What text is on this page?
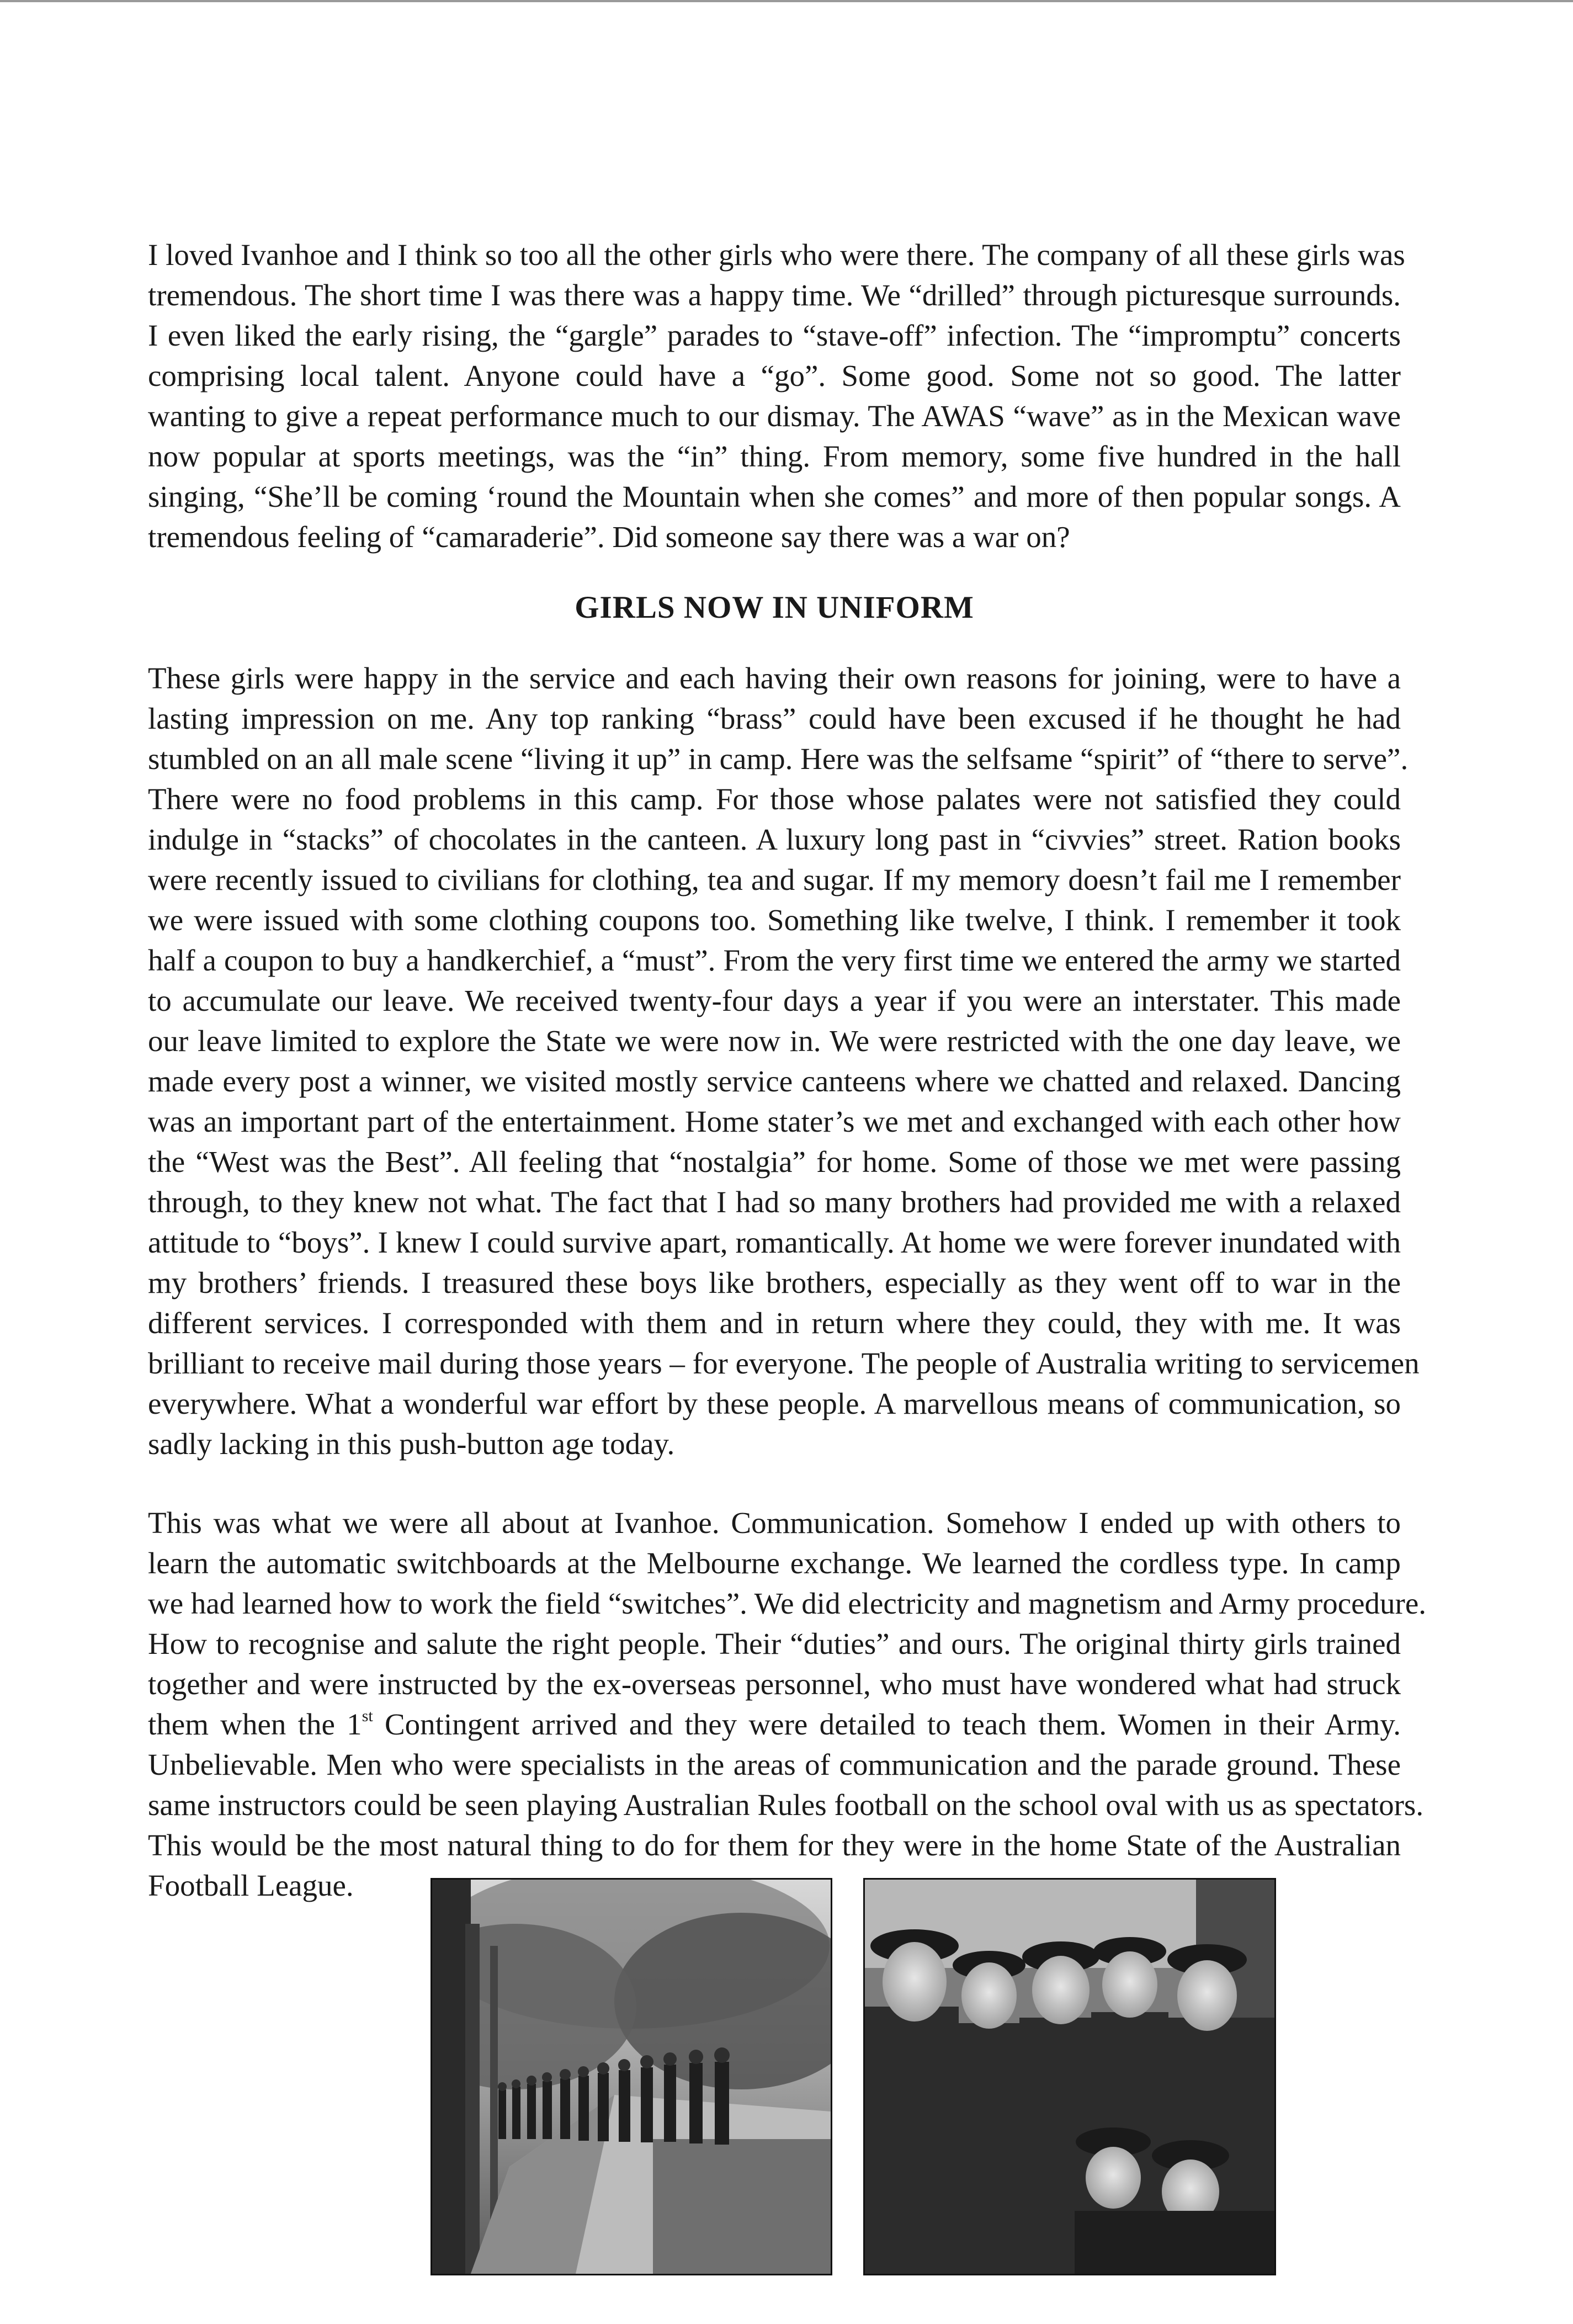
I loved Ivanhoe and I think so too all the other girls who were there. The company of all these girls was
tremendous. The short time I was there was a happy time. We “drilled” through picturesque surrounds.
I even liked the early rising, the “gargle” parades to “stave-off” infection. The “impromptu” concerts
comprising local talent. Anyone could have a “go”. Some good. Some not so good. The latter
wanting to give a repeat performance much to our dismay. The AWAS “wave” as in the Mexican wave
now popular at sports meetings, was the “in” thing. From memory, some five hundred in the hall
singing, “She’ll be coming ‘round the Mountain when she comes” and more of then popular songs. A
tremendous feeling of “camaraderie”. Did someone say there was a war on?

GIRLS NOW IN UNIFORM

These girls were happy in the service and each having their own reasons for joining, were to have a
lasting impression on me. Any top ranking “brass” could have been excused if he thought he had
stumbled on an all male scene “living it up” in camp. Here was the selfsame “spirit” of “there to serve”.
There were no food problems in this camp. For those whose palates were not satisfied they could
indulge in “stacks” of chocolates in the canteen. A luxury long past in “civvies” street. Ration books
were recently issued to civilians for clothing, tea and sugar. If my memory doesn’t fail me I remember
we were issued with some clothing coupons too. Something like twelve, I think. I remember it took
half a coupon to buy a handkerchief, a “must”. From the very first time we entered the army we started
to accumulate our leave. We received twenty-four days a year if you were an interstater. This made
our leave limited to explore the State we were now in. We were restricted with the one day leave, we
made every post a winner, we visited mostly service canteens where we chatted and relaxed. Dancing
was an important part of the entertainment. Home stater’s we met and exchanged with each other how
the “West was the Best”. All feeling that “nostalgia” for home. Some of those we met were passing
through, to they knew not what. The fact that I had so many brothers had provided me with a relaxed
attitude to “boys”. I knew I could survive apart, romantically. At home we were forever inundated with
my brothers’ friends. I treasured these boys like brothers, especially as they went off to war in the
different services. I corresponded with them and in return where they could, they with me. It was
brilliant to receive mail during those years – for everyone. The people of Australia writing to servicemen
everywhere. What a wonderful war effort by these people. A marvellous means of communication, so
sadly lacking in this push-button age today.

This was what we were all about at Ivanhoe. Communication. Somehow I ended up with others to
learn the automatic switchboards at the Melbourne exchange. We learned the cordless type. In camp
we had learned how to work the field “switches”. We did electricity and magnetism and Army procedure.
How to recognise and salute the right people. Their “duties” and ours. The original thirty girls trained
together and were instructed by the ex-overseas personnel, who must have wondered what had struck
them when the 1st Contingent arrived and they were detailed to teach them. Women in their Army.
Unbelievable. Men who were specialists in the areas of communication and the parade ground. These
same instructors could be seen playing Australian Rules football on the school oval with us as spectators.
This would be the most natural thing to do for them for they were in the home State of the Australian
Football League.
